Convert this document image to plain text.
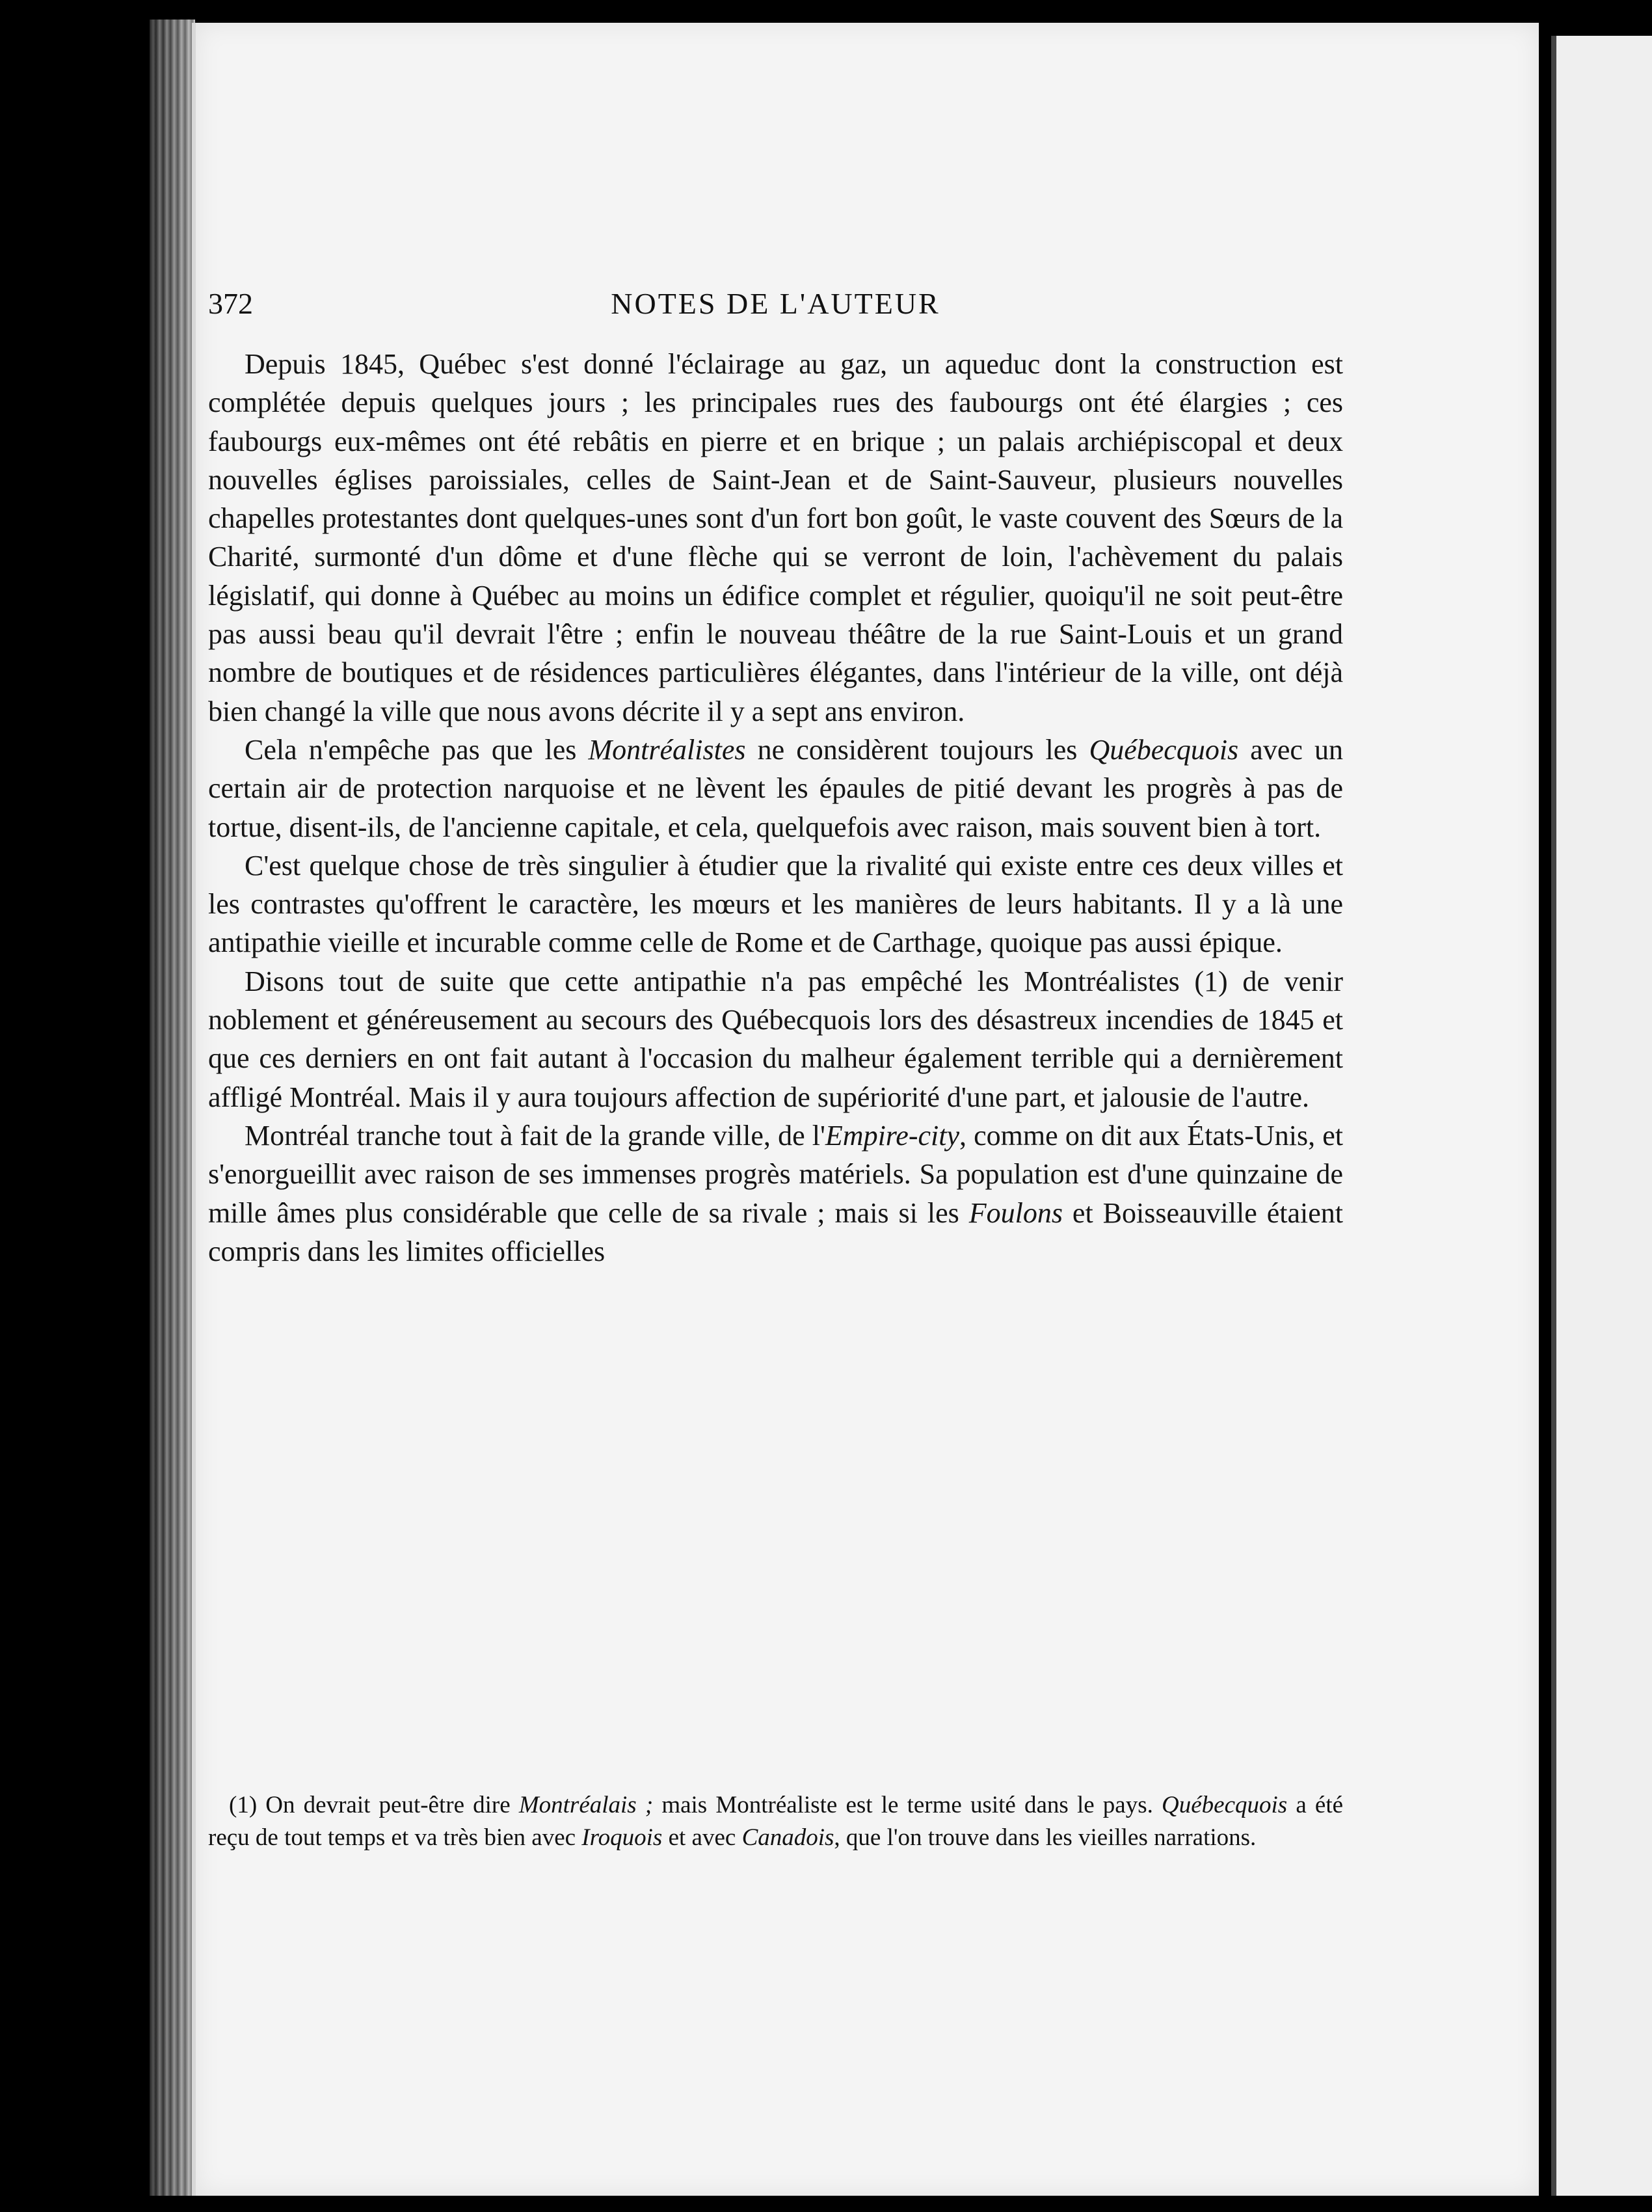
372	NOTES DE L'AUTEUR

Depuis 1845, Québec s'est donné l'éclairage au gaz, un aqueduc dont la construction est complétée depuis quelques jours ; les principales rues des faubourgs ont été élargies ; ces faubourgs eux-mêmes ont été rebâtis en pierre et en brique ; un palais archiépiscopal et deux nouvelles églises paroissiales, celles de Saint-Jean et de Saint-Sauveur, plusieurs nouvelles chapelles protestantes dont quelques-unes sont d'un fort bon goût, le vaste couvent des Sœurs de la Charité, surmonté d'un dôme et d'une flèche qui se verront de loin, l'achèvement du palais législatif, qui donne à Québec au moins un édifice complet et régulier, quoiqu'il ne soit peut-être pas aussi beau qu'il devrait l'être ; enfin le nouveau théâtre de la rue Saint-Louis et un grand nombre de boutiques et de résidences particulières élégantes, dans l'intérieur de la ville, ont déjà bien changé la ville que nous avons décrite il y a sept ans environ.

Cela n'empêche pas que les Montréalistes ne considèrent toujours les Québecquois avec un certain air de protection narquoise et ne lèvent les épaules de pitié devant les progrès à pas de tortue, disent-ils, de l'ancienne capitale, et cela, quelquefois avec raison, mais souvent bien à tort.

C'est quelque chose de très singulier à étudier que la rivalité qui existe entre ces deux villes et les contrastes qu'offrent le caractère, les mœurs et les manières de leurs habitants. Il y a là une antipathie vieille et incurable comme celle de Rome et de Carthage, quoique pas aussi épique.

Disons tout de suite que cette antipathie n'a pas empêché les Montréalistes (1) de venir noblement et généreusement au secours des Québecquois lors des désastreux incendies de 1845 et que ces derniers en ont fait autant à l'occasion du malheur également terrible qui a dernièrement affligé Montréal. Mais il y aura toujours affection de supériorité d'une part, et jalousie de l'autre.

Montréal tranche tout à fait de la grande ville, de l'Empire-city, comme on dit aux États-Unis, et s'enorgueillit avec raison de ses immenses progrès matériels. Sa population est d'une quinzaine de mille âmes plus considérable que celle de sa rivale ; mais si les Foulons et Boisseauville étaient compris dans les limites officielles

(1) On devrait peut-être dire Montréalais ; mais Montréaliste est le terme usité dans le pays. Québecquois a été reçu de tout temps et va très bien avec Iroquois et avec Canadois, que l'on trouve dans les vieilles narrations.
